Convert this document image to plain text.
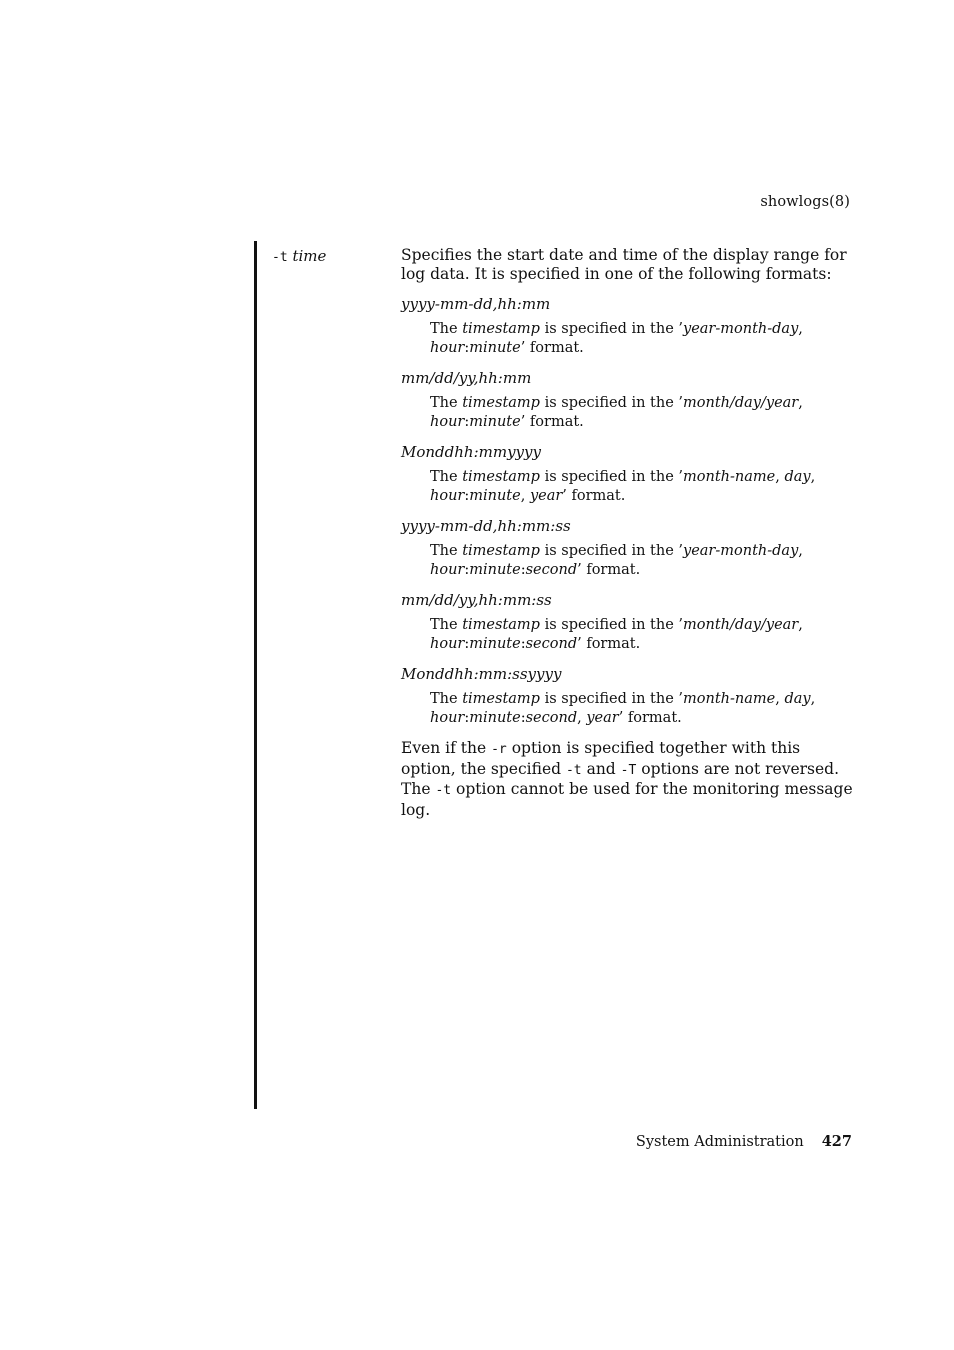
showlogs(8)
-t time	Specifies the start date and time of the display range for log data. It is specified in one of the following formats:

yyyy-mm-dd,hh:mm
The timestamp is specified in the ’year-month-day, hour:minute’ format.
mm/dd/yy,hh:mm
The timestamp is specified in the ’month/day/year, hour:minute’ format.
Monddhh:mmyyyy
The timestamp is specified in the ’month-name, day, hour:minute, year’ format.
yyyy-mm-dd,hh:mm:ss
The timestamp is specified in the ’year-month-day, hour:minute:second’ format.
mm/dd/yy,hh:mm:ss
The timestamp is specified in the ’month/day/year, hour:minute:second’ format.
Monddhh:mm:ssyyyy
The timestamp is specified in the ’month-name, day, hour:minute:second, year’ format.

Even if the -r option is specified together with this option, the specified -t and -T options are not reversed. The -t option cannot be used for the monitoring message log.

System Administration 427
